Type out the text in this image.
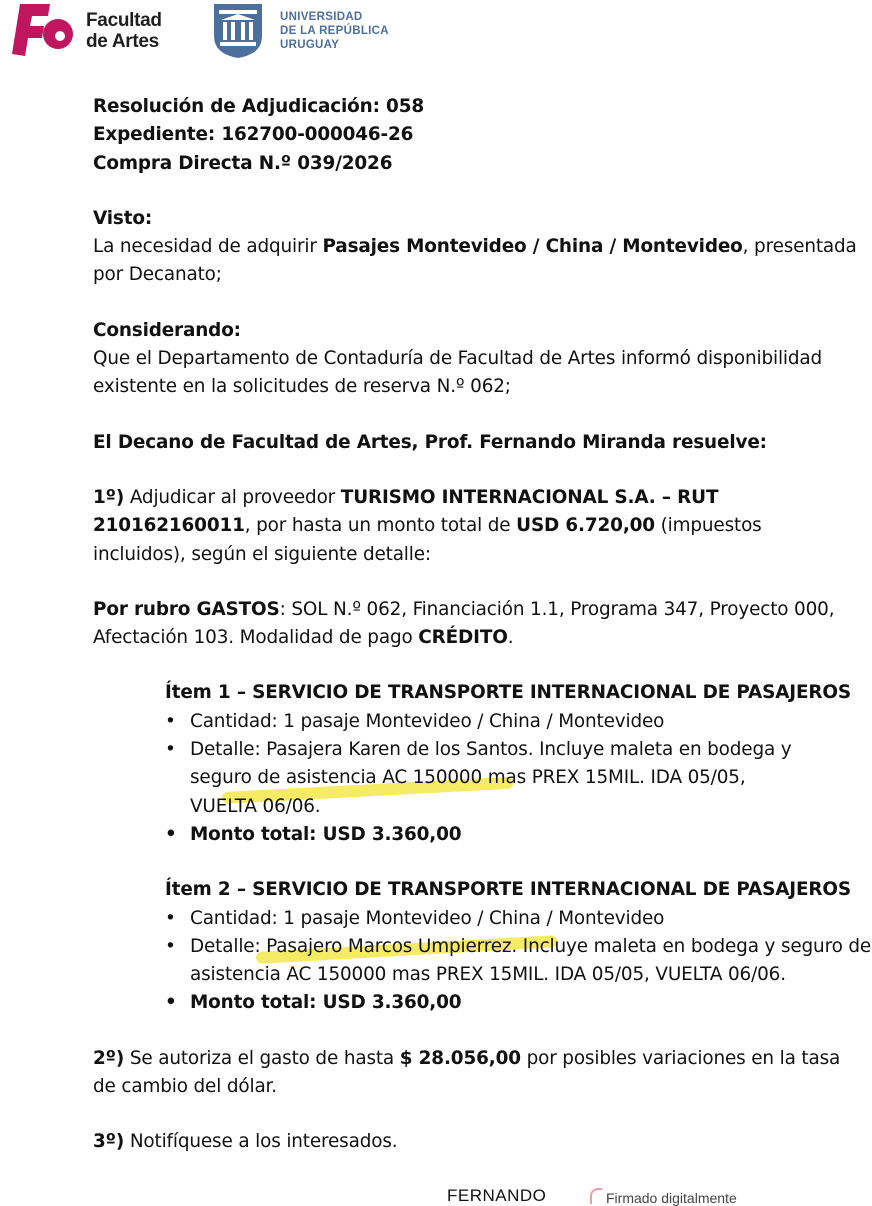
Facultad
de Artes
UNIVERSIDAD
DE LA REPÚBLICA
URUGUAY

Resolución de Adjudicación: 058

Expediente: 162700-000046-26

Compra Directa N.º 039/2026

Visto:

La necesidad de adquirir Pasajes Montevideo / China / Montevideo, presentada por Decanato;

Considerando:

Que el Departamento de Contaduría de Facultad de Artes informó disponibilidad existente en la solicitudes de reserva N.º 062;

El Decano de Facultad de Artes, Prof. Fernando Miranda resuelve:

1º) Adjudicar al proveedor TURISMO INTERNACIONAL S.A. – RUT 210162160011, por hasta un monto total de USD 6.720,00 (impuestos incluidos), según el siguiente detalle:

Por rubro GASTOS: SOL N.º 062, Financiación 1.1, Programa 347, Proyecto 000, Afectación 103. Modalidad de pago CRÉDITO.

Ítem 1 – SERVICIO DE TRANSPORTE INTERNACIONAL DE PASAJEROS

• Cantidad: 1 pasaje Montevideo / China / Montevideo
• Detalle: Pasajera Karen de los Santos. Incluye maleta en bodega y seguro de asistencia AC 150000 mas PREX 15MIL. IDA 05/05, VUELTA 06/06.
• Monto total: USD 3.360,00

Ítem 2 – SERVICIO DE TRANSPORTE INTERNACIONAL DE PASAJEROS

• Cantidad: 1 pasaje Montevideo / China / Montevideo
• Detalle: Pasajero Marcos Umpierrez. Incluye maleta en bodega y seguro de
asistencia AC 150000 mas PREX 15MIL. IDA 05/05, VUELTA 06/06.
• Monto total: USD 3.360,00

2º) Se autoriza el gasto de hasta $ 28.056,00 por posibles variaciones en la tasa de cambio del dólar.

3º) Notifíquese a los interesados.

FERNANDO	Firmado digitalmente
